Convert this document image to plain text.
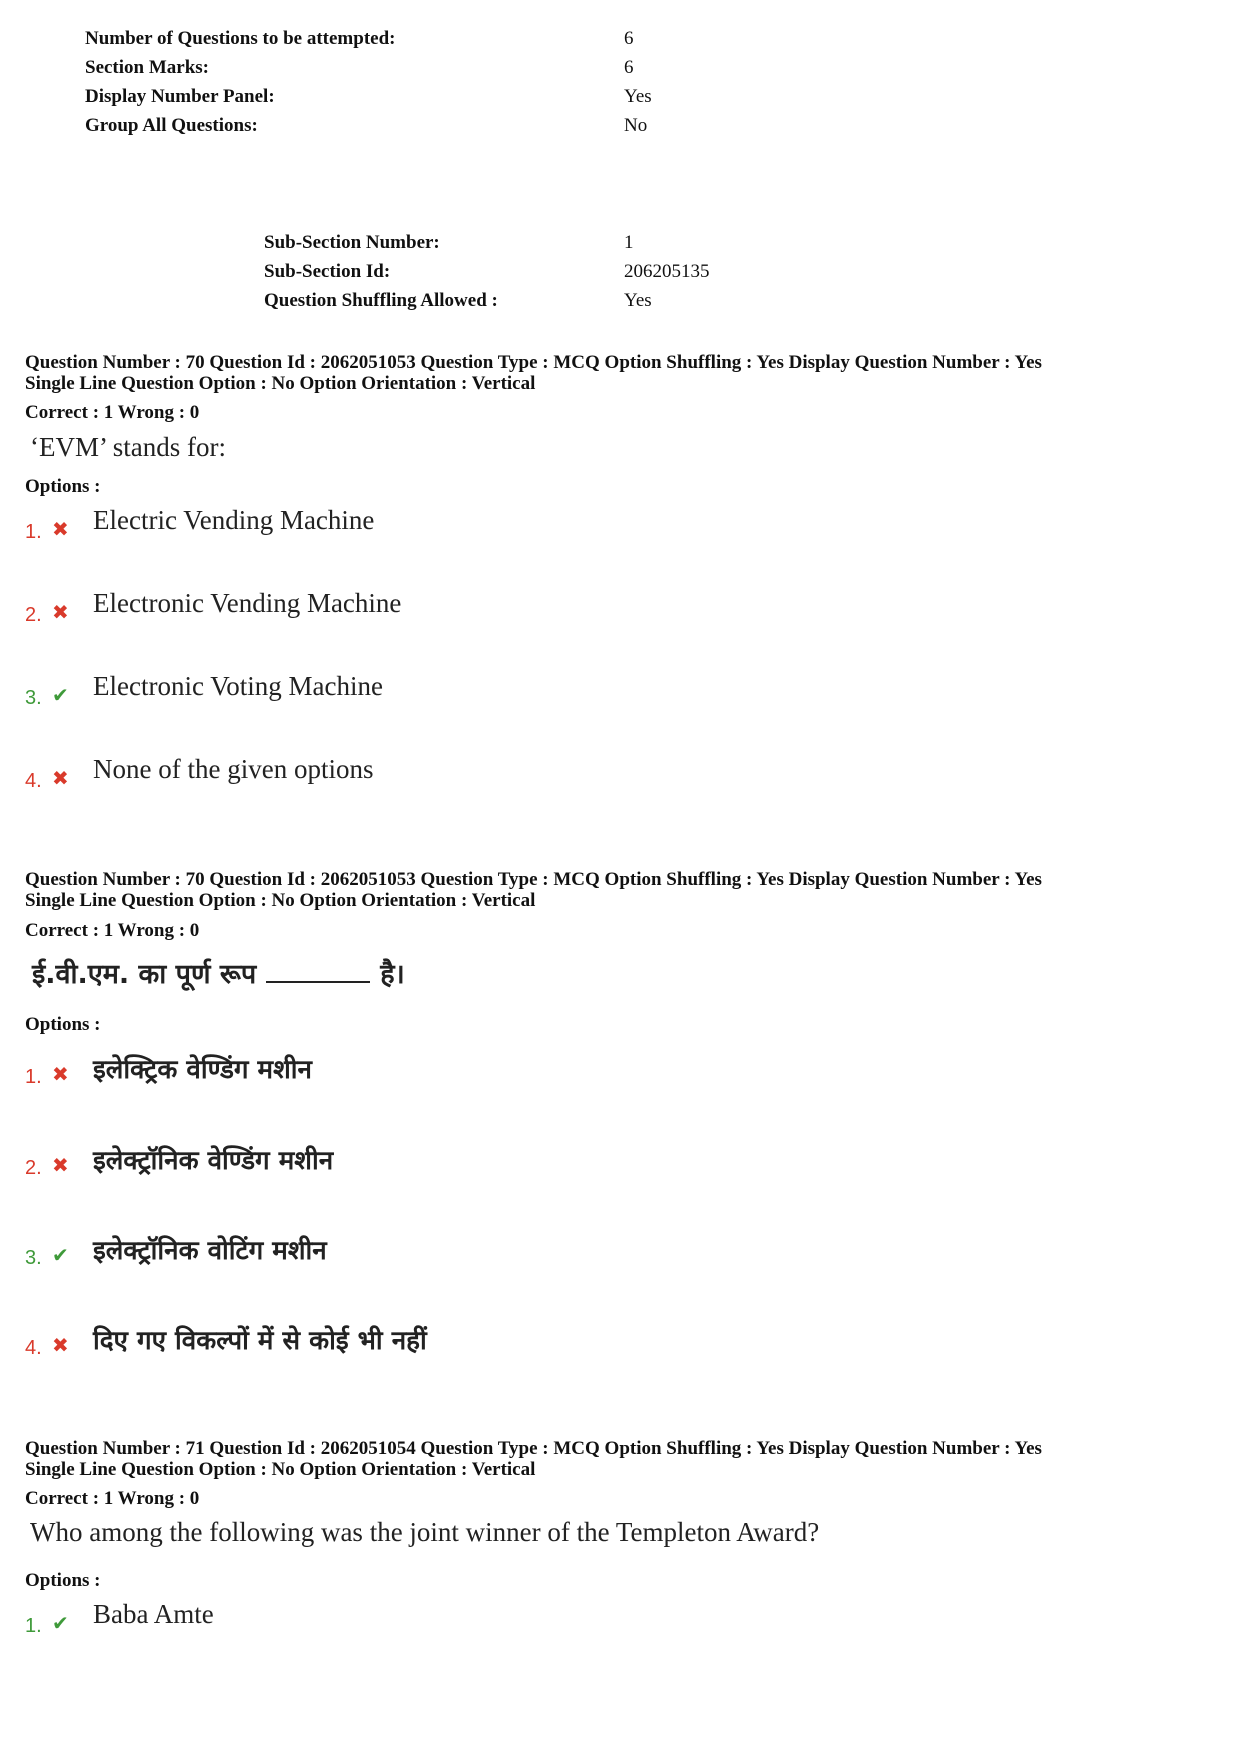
Number of Questions to be attempted:	6
Section Marks:	6
Display Number Panel:	Yes
Group All Questions:	No
Sub-Section Number:	1
Sub-Section Id:	206205135
Question Shuffling Allowed :	Yes
Question Number : 70 Question Id : 2062051053 Question Type : MCQ Option Shuffling : Yes Display Question Number : Yes
Single Line Question Option : No Option Orientation : Vertical
Correct : 1 Wrong : 0
‘EVM’ stands for:
Options :
1. ✖ Electric Vending Machine
2. ✖ Electronic Vending Machine
3. ✔ Electronic Voting Machine
4. ✖ None of the given options
Question Number : 70 Question Id : 2062051053 Question Type : MCQ Option Shuffling : Yes Display Question Number : Yes
Single Line Question Option : No Option Orientation : Vertical
Correct : 1 Wrong : 0
ई.वी.एम. का पूर्ण रूप	है।
Options :
1. ✖ इलेक्ट्रिक वेण्डिंग मशीन
2. ✖ इलेक्ट्रॉनिक वेण्डिंग मशीन
3. ✔ इलेक्ट्रॉनिक वोटिंग मशीन
4. ✖ दिए गए विकल्पों में से कोई भी नहीं
Question Number : 71 Question Id : 2062051054 Question Type : MCQ Option Shuffling : Yes Display Question Number : Yes
Single Line Question Option : No Option Orientation : Vertical
Correct : 1 Wrong : 0
Who among the following was the joint winner of the Templeton Award?
Options :
1. ✔ Baba Amte
